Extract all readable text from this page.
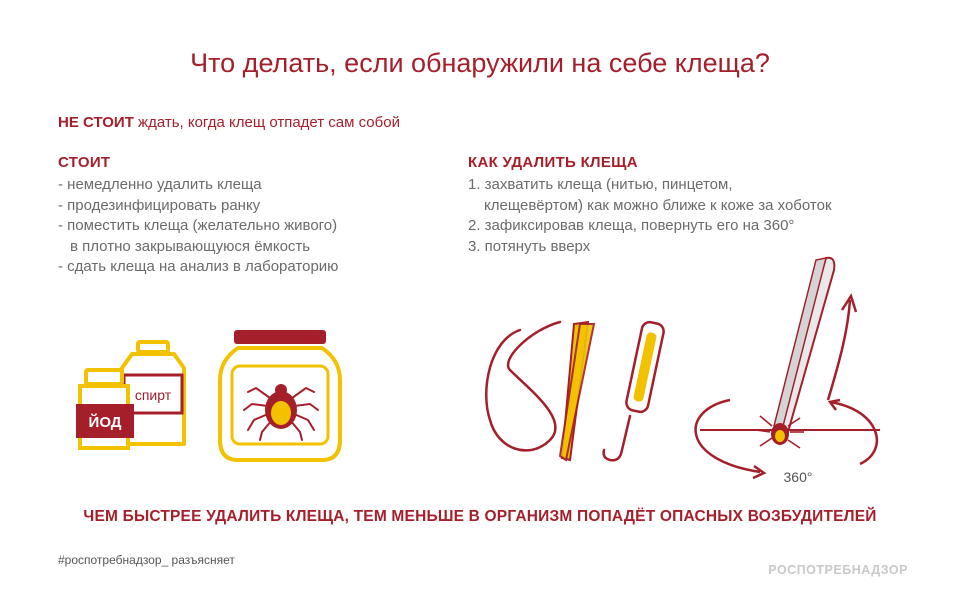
Что делать, если обнаружили на себе клеща?
НЕ СТОИТ ждать, когда клещ отпадет сам собой
СТОИТ
- немедленно удалить клеща
- продезинфицировать ранку
- поместить клеща (желательно живого)
в плотно закрывающуюся ёмкость
- сдать клеща на анализ в лабораторию
КАК УДАЛИТЬ КЛЕЩА
1. захватить клеща (нитью, пинцетом,
клещевёртом) как можно ближе к коже за хоботок
2. зафиксировав клеща, повернуть его на 360°
3. потянуть вверх
спирт
ЙОД
360°
ЧЕМ БЫСТРЕЕ УДАЛИТЬ КЛЕЩА, ТЕМ МЕНЬШЕ В ОРГАНИЗМ ПОПАДЁТ ОПАСНЫХ ВОЗБУДИТЕЛЕЙ
#роспотребнадзор_ разъясняет
РОСПОТРЕБНАДЗОР
